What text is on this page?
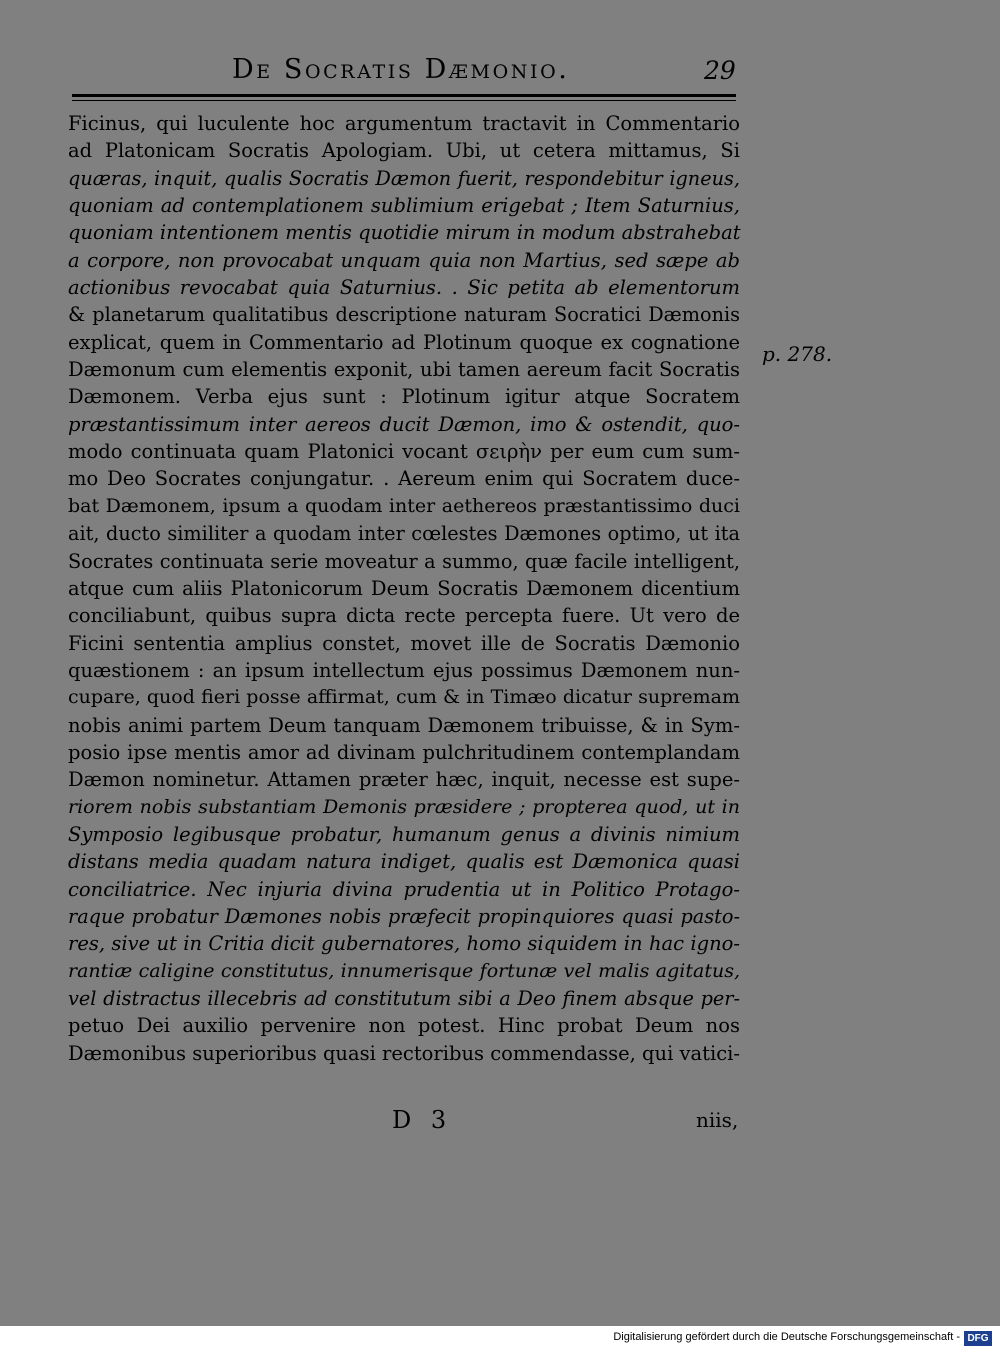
De Socratis Dæmonio.	29
Ficinus, qui luculente hoc argumentum tractavit in Commentario
ad Platonicam Socratis Apologiam. Ubi, ut cetera mittamus, Si
quæras, inquit, qualis Socratis Dæmon fuerit, respondebitur igneus,
quoniam ad contemplationem sublimium erigebat ; Item Saturnius,
quoniam intentionem mentis quotidie mirum in modum abstrahebat
a corpore, non provocabat unquam quia non Martius, sed sæpe ab
actionibus revocabat quia Saturnius. . Sic petita ab elementorum
& planetarum qualitatibus descriptione naturam Socratici Dæmonis
explicat, quem in Commentario ad Plotinum quoque ex cognatione
Dæmonum cum elementis exponit, ubi tamen aereum facit Socratis
Dæmonem. Verba ejus sunt : Plotinum igitur atque Socratem
præstantissimum inter aereos ducit Dæmon, imo & ostendit, quo-
modo continuata quam Platonici vocant σειρὴν per eum cum sum-
mo Deo Socrates conjungatur. . Aereum enim qui Socratem duce-
bat Dæmonem, ipsum a quodam inter aethereos præstantissimo duci
ait, ducto similiter a quodam inter cœlestes Dæmones optimo, ut ita
Socrates continuata serie moveatur a summo, quæ facile intelligent,
atque cum aliis Platonicorum Deum Socratis Dæmonem dicentium
conciliabunt, quibus supra dicta recte percepta fuere. Ut vero de
Ficini sententia amplius constet, movet ille de Socratis Dæmonio
quæstionem : an ipsum intellectum ejus possimus Dæmonem nun-
cupare, quod fieri posse affirmat, cum & in Timæo dicatur supremam
nobis animi partem Deum tanquam Dæmonem tribuisse, & in Sym-
posio ipse mentis amor ad divinam pulchritudinem contemplandam
Dæmon nominetur. Attamen præter hæc, inquit, necesse est supe-
riorem nobis substantiam Demonis præsidere ; propterea quod, ut in
Symposio legibusque probatur, humanum genus a divinis nimium
distans media quadam natura indiget, qualis est Dæmonica quasi
conciliatrice. Nec injuria divina prudentia ut in Politico Protago-
raque probatur Dæmones nobis præfecit propinquiores quasi pasto-
res, sive ut in Critia dicit gubernatores, homo siquidem in hac igno-
rantiæ caligine constitutus, innumerisque fortunæ vel malis agitatus,
vel distractus illecebris ad constitutum sibi a Deo finem absque per-
petuo Dei auxilio pervenire non potest. Hinc probat Deum nos
Dæmonibus superioribus quasi rectoribus commendasse, qui vatici-
p. 278.
D 3	niis,
Digitalisierung gefördert durch die Deutsche Forschungsgemeinschaft - DFG
